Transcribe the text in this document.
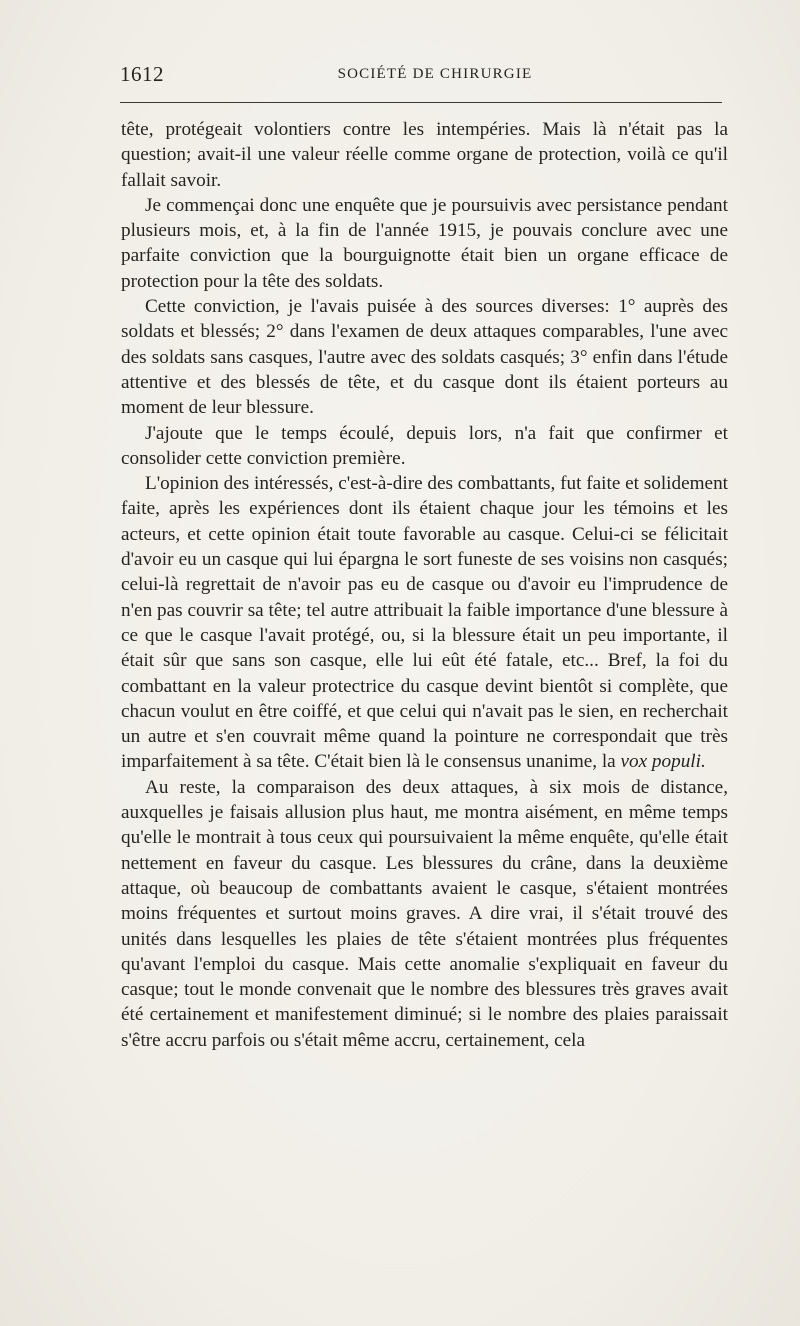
1612	SOCIÉTÉ DE CHIRURGIE

tête, protégeait volontiers contre les intempéries. Mais là n'était pas la question; avait-il une valeur réelle comme organe de protection, voilà ce qu'il fallait savoir.

Je commençai donc une enquête que je poursuivis avec persistance pendant plusieurs mois, et, à la fin de l'année 1915, je pouvais conclure avec une parfaite conviction que la bourguignotte était bien un organe efficace de protection pour la tête des soldats.

Cette conviction, je l'avais puisée à des sources diverses: 1° auprès des soldats et blessés; 2° dans l'examen de deux attaques comparables, l'une avec des soldats sans casques, l'autre avec des soldats casqués; 3° enfin dans l'étude attentive et des blessés de tête, et du casque dont ils étaient porteurs au moment de leur blessure.

J'ajoute que le temps écoulé, depuis lors, n'a fait que confirmer et consolider cette conviction première.

L'opinion des intéressés, c'est-à-dire des combattants, fut faite et solidement faite, après les expériences dont ils étaient chaque jour les témoins et les acteurs, et cette opinion était toute favorable au casque. Celui-ci se félicitait d'avoir eu un casque qui lui épargna le sort funeste de ses voisins non casqués; celui-là regrettait de n'avoir pas eu de casque ou d'avoir eu l'imprudence de n'en pas couvrir sa tête; tel autre attribuait la faible importance d'une blessure à ce que le casque l'avait protégé, ou, si la blessure était un peu importante, il était sûr que sans son casque, elle lui eût été fatale, etc... Bref, la foi du combattant en la valeur protectrice du casque devint bientôt si complète, que chacun voulut en être coiffé, et que celui qui n'avait pas le sien, en recherchait un autre et s'en couvrait même quand la pointure ne correspondait que très imparfaitement à sa tête. C'était bien là le consensus unanime, la vox populi.

Au reste, la comparaison des deux attaques, à six mois de distance, auxquelles je faisais allusion plus haut, me montra aisément, en même temps qu'elle le montrait à tous ceux qui poursuivaient la même enquête, qu'elle était nettement en faveur du casque. Les blessures du crâne, dans la deuxième attaque, où beaucoup de combattants avaient le casque, s'étaient montrées moins fréquentes et surtout moins graves. A dire vrai, il s'était trouvé des unités dans lesquelles les plaies de tête s'étaient montrées plus fréquentes qu'avant l'emploi du casque. Mais cette anomalie s'expliquait en faveur du casque; tout le monde convenait que le nombre des blessures très graves avait été certainement et manifestement diminué; si le nombre des plaies paraissait s'être accru parfois ou s'était même accru, certainement, cela
